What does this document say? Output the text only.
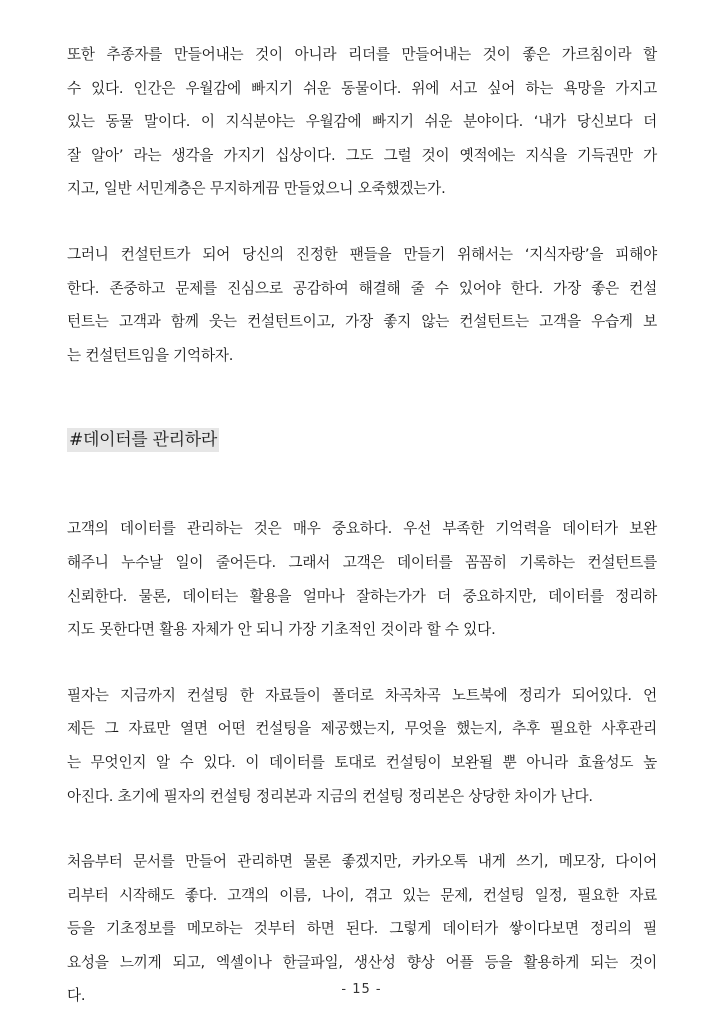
또한 추종자를 만들어내는 것이 아니라 리더를 만들어내는 것이 좋은 가르침이라 할
수 있다. 인간은 우월감에 빠지기 쉬운 동물이다. 위에 서고 싶어 하는 욕망을 가지고
있는 동물 말이다. 이 지식분야는 우월감에 빠지기 쉬운 분야이다. ‘내가 당신보다 더
잘 알아’ 라는 생각을 가지기 십상이다. 그도 그럴 것이 옛적에는 지식을 기득권만 가
지고, 일반 서민계층은 무지하게끔 만들었으니 오죽했겠는가.
그러니 컨설턴트가 되어 당신의 진정한 팬들을 만들기 위해서는 ‘지식자랑’을 피해야
한다. 존중하고 문제를 진심으로 공감하여 해결해 줄 수 있어야 한다. 가장 좋은 컨설
턴트는 고객과 함께 웃는 컨설턴트이고, 가장 좋지 않는 컨설턴트는 고객을 우습게 보
는 컨설턴트임을 기억하자.
#데이터를 관리하라
고객의 데이터를 관리하는 것은 매우 중요하다. 우선 부족한 기억력을 데이터가 보완
해주니 누수날 일이 줄어든다. 그래서 고객은 데이터를 꼼꼼히 기록하는 컨설턴트를
신뢰한다. 물론, 데이터는 활용을 얼마나 잘하는가가 더 중요하지만, 데이터를 정리하
지도 못한다면 활용 자체가 안 되니 가장 기초적인 것이라 할 수 있다.
필자는 지금까지 컨설팅 한 자료들이 폴더로 차곡차곡 노트북에 정리가 되어있다. 언
제든 그 자료만 열면 어떤 컨설팅을 제공했는지, 무엇을 했는지, 추후 필요한 사후관리
는 무엇인지 알 수 있다. 이 데이터를 토대로 컨설팅이 보완될 뿐 아니라 효율성도 높
아진다. 초기에 필자의 컨설팅 정리본과 지금의 컨설팅 정리본은 상당한 차이가 난다.
처음부터 문서를 만들어 관리하면 물론 좋겠지만, 카카오톡 내게 쓰기, 메모장, 다이어
리부터 시작해도 좋다. 고객의 이름, 나이, 겪고 있는 문제, 컨설팅 일정, 필요한 자료
등을 기초정보를 메모하는 것부터 하면 된다. 그렇게 데이터가 쌓이다보면 정리의 필
요성을 느끼게 되고, 엑셀이나 한글파일, 생산성 향상 어플 등을 활용하게 되는 것이
다.	- 15 -
